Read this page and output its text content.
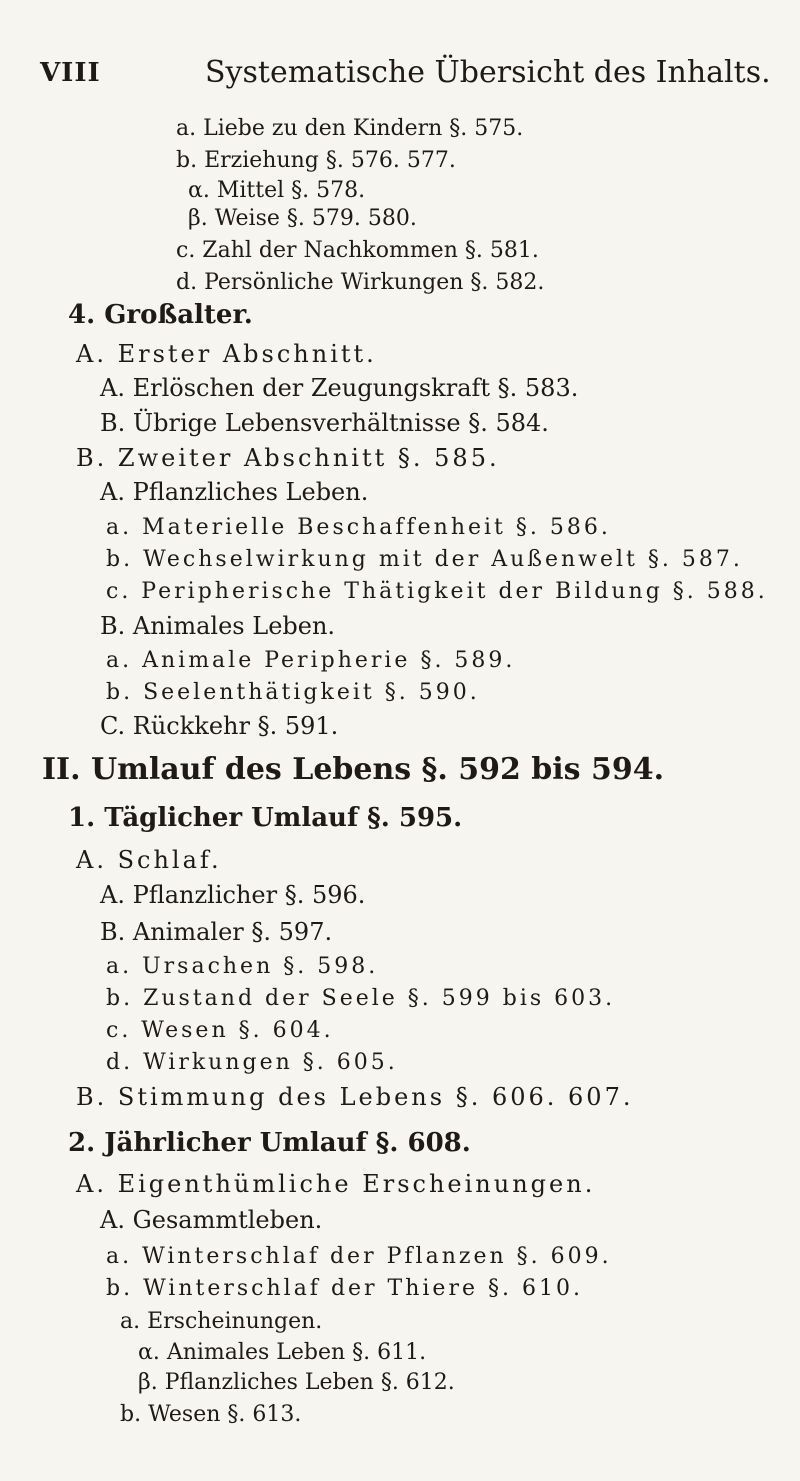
VIII	Systematische Übersicht des Inhalts.
a. Liebe zu den Kindern §. 575.
b. Erziehung §. 576. 577.
α. Mittel §. 578.
β. Weise §. 579. 580.
c. Zahl der Nachkommen §. 581.
d. Persönliche Wirkungen §. 582.
4. Großalter.
A. Erster Abschnitt.
A. Erlöschen der Zeugungskraft §. 583.
B. Übrige Lebensverhältnisse §. 584.
B. Zweiter Abschnitt §. 585.
A. Pflanzliches Leben.
a. Materielle Beschaffenheit §. 586.
b. Wechselwirkung mit der Außenwelt §. 587.
c. Peripherische Thätigkeit der Bildung §. 588.
B. Animales Leben.
a. Animale Peripherie §. 589.
b. Seelenthätigkeit §. 590.
C. Rückkehr §. 591.
II. Umlauf des Lebens §. 592 bis 594.
1. Täglicher Umlauf §. 595.
A. Schlaf.
A. Pflanzlicher §. 596.
B. Animaler §. 597.
a. Ursachen §. 598.
b. Zustand der Seele §. 599 bis 603.
c. Wesen §. 604.
d. Wirkungen §. 605.
B. Stimmung des Lebens §. 606. 607.
2. Jährlicher Umlauf §. 608.
A. Eigenthümliche Erscheinungen.
A. Gesammtleben.
a. Winterschlaf der Pflanzen §. 609.
b. Winterschlaf der Thiere §. 610.
a. Erscheinungen.
α. Animales Leben §. 611.
β. Pflanzliches Leben §. 612.
b. Wesen §. 613.
